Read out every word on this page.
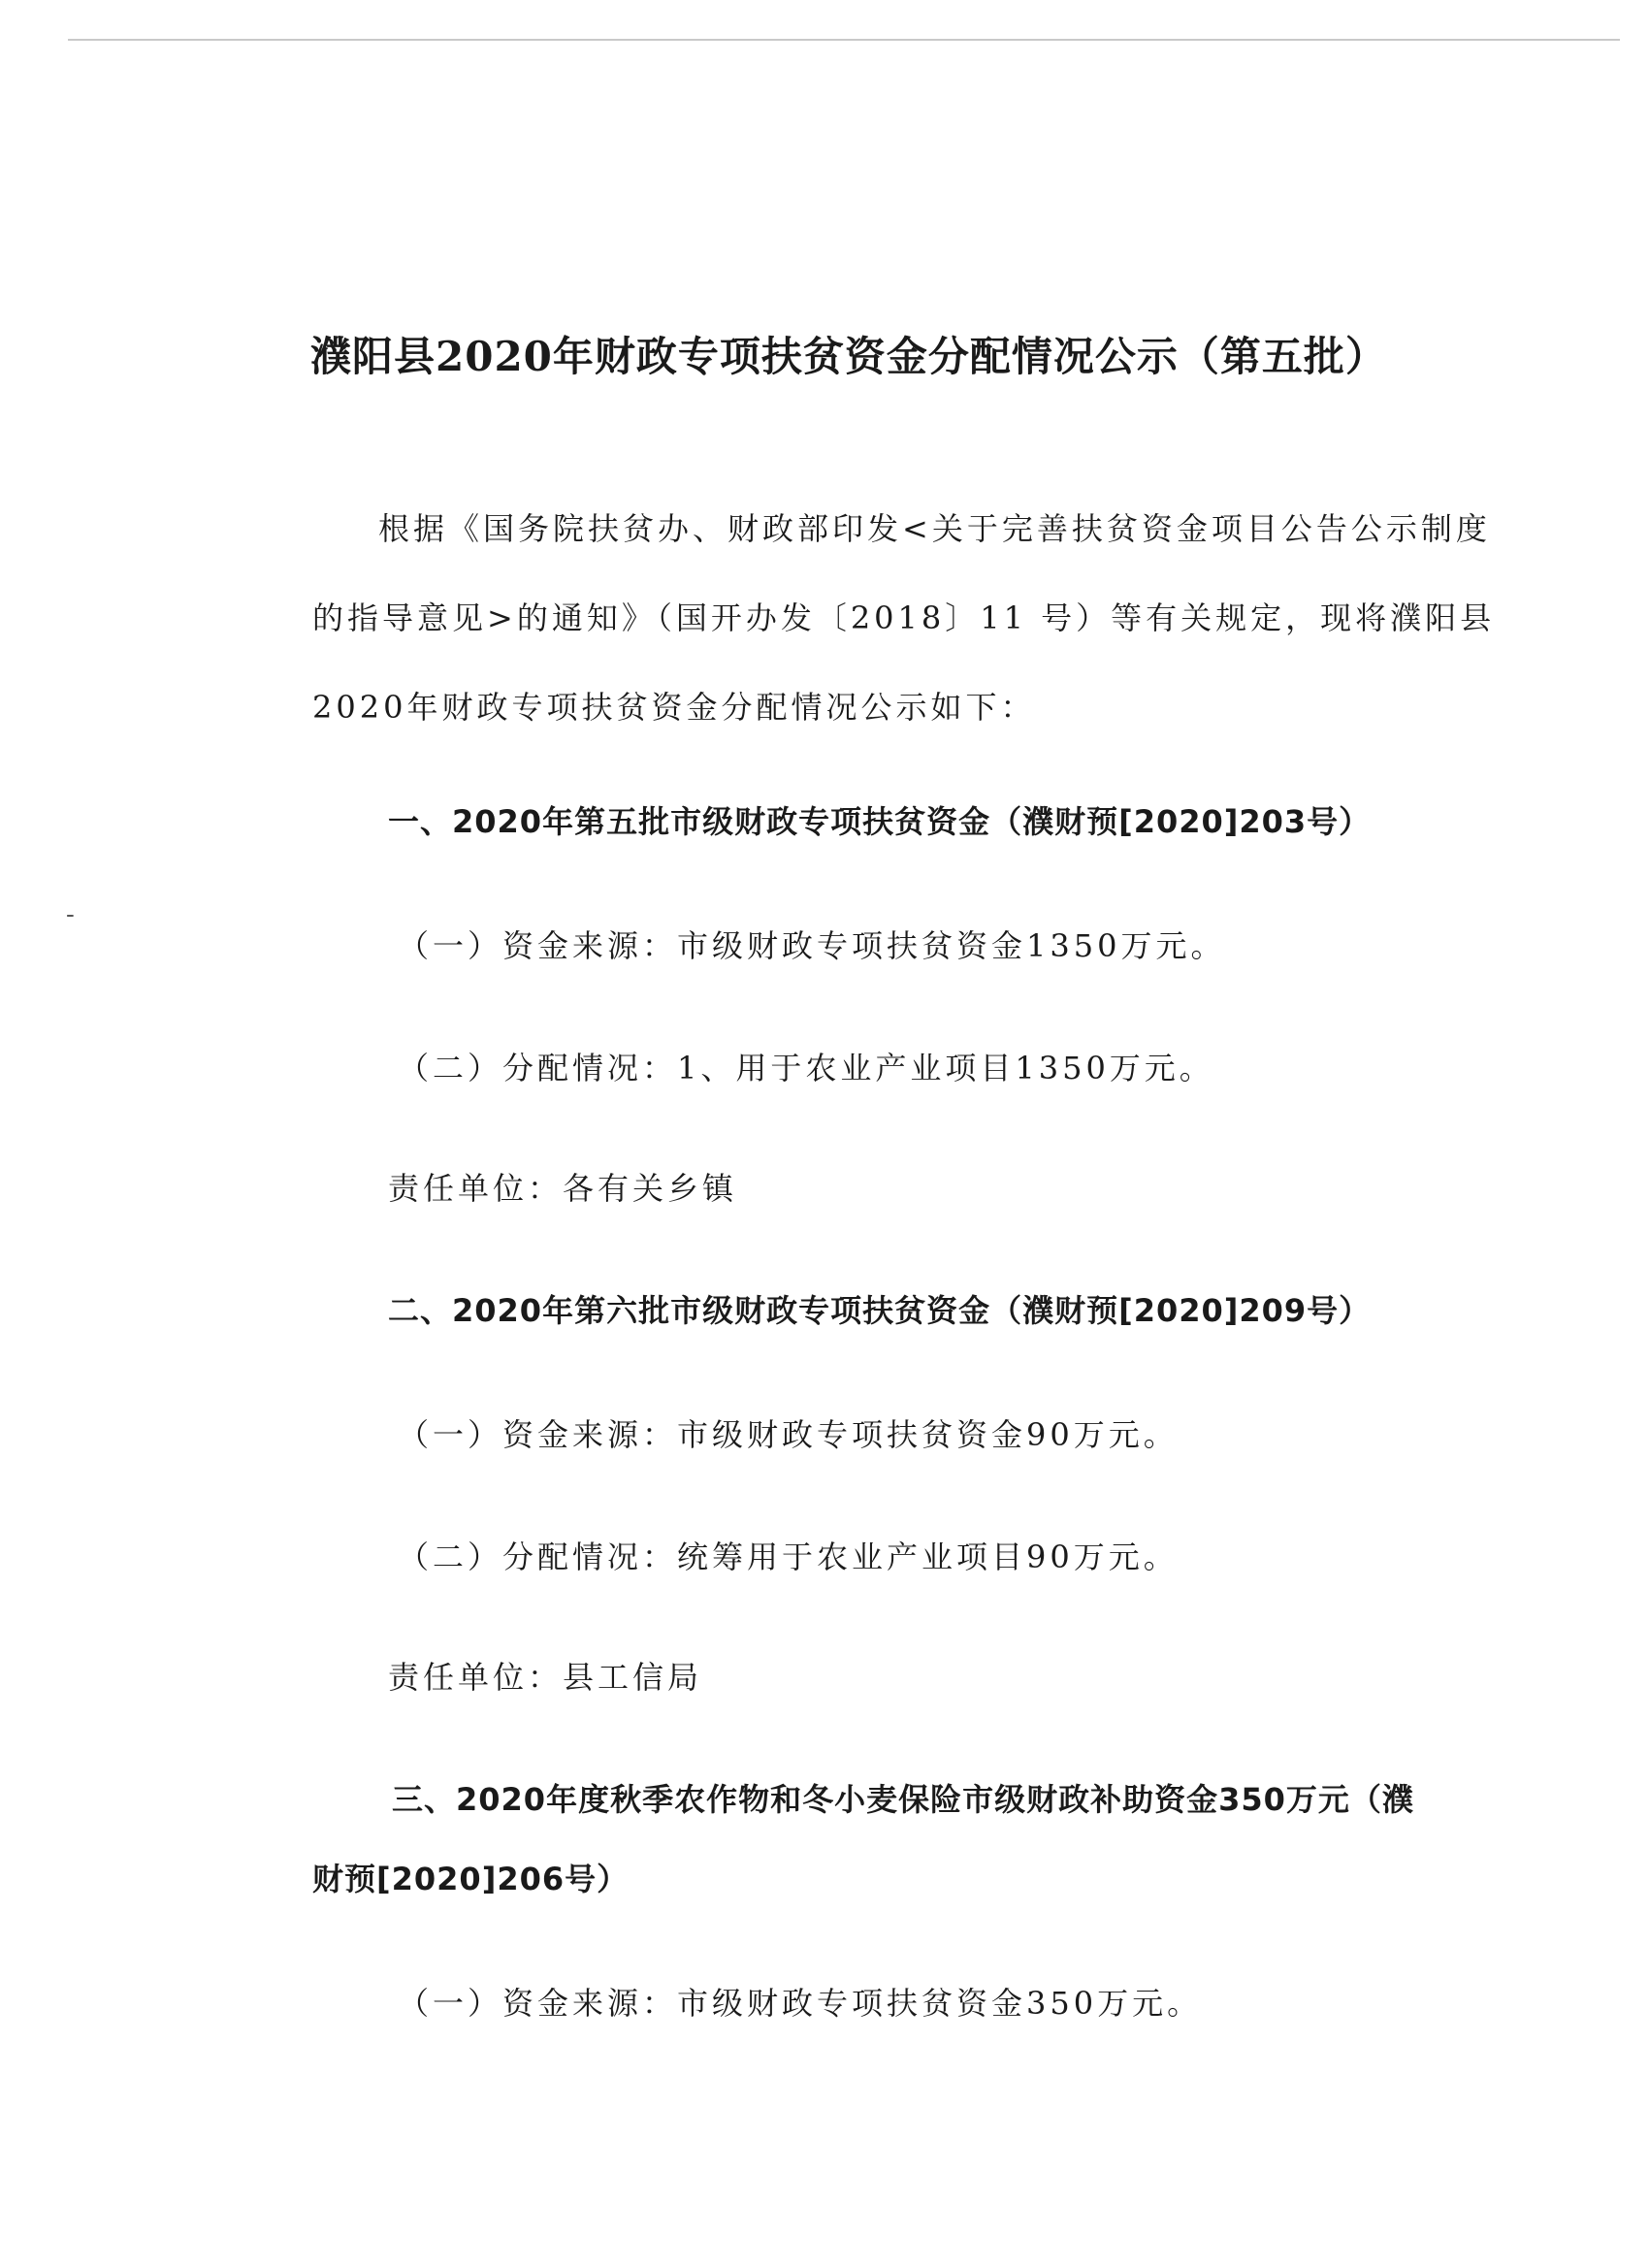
-
濮阳县2020年财政专项扶贫资金分配情况公示（第五批）
根据《国务院扶贫办、财政部印发<关于完善扶贫资金项目公告公示制度
的指导意见>的通知》（国开办发〔2018〕11 号）等有关规定，现将濮阳县
2020年财政专项扶贫资金分配情况公示如下：
一、2020年第五批市级财政专项扶贫资金（濮财预[2020]203号）
（一）资金来源：市级财政专项扶贫资金1350万元。
（二）分配情况：1、用于农业产业项目1350万元。
责任单位：各有关乡镇
二、2020年第六批市级财政专项扶贫资金（濮财预[2020]209号）
（一）资金来源：市级财政专项扶贫资金90万元。
（二）分配情况：统筹用于农业产业项目90万元。
责任单位：县工信局
三、2020年度秋季农作物和冬小麦保险市级财政补助资金350万元（濮
财预[2020]206号）
（一）资金来源：市级财政专项扶贫资金350万元。
